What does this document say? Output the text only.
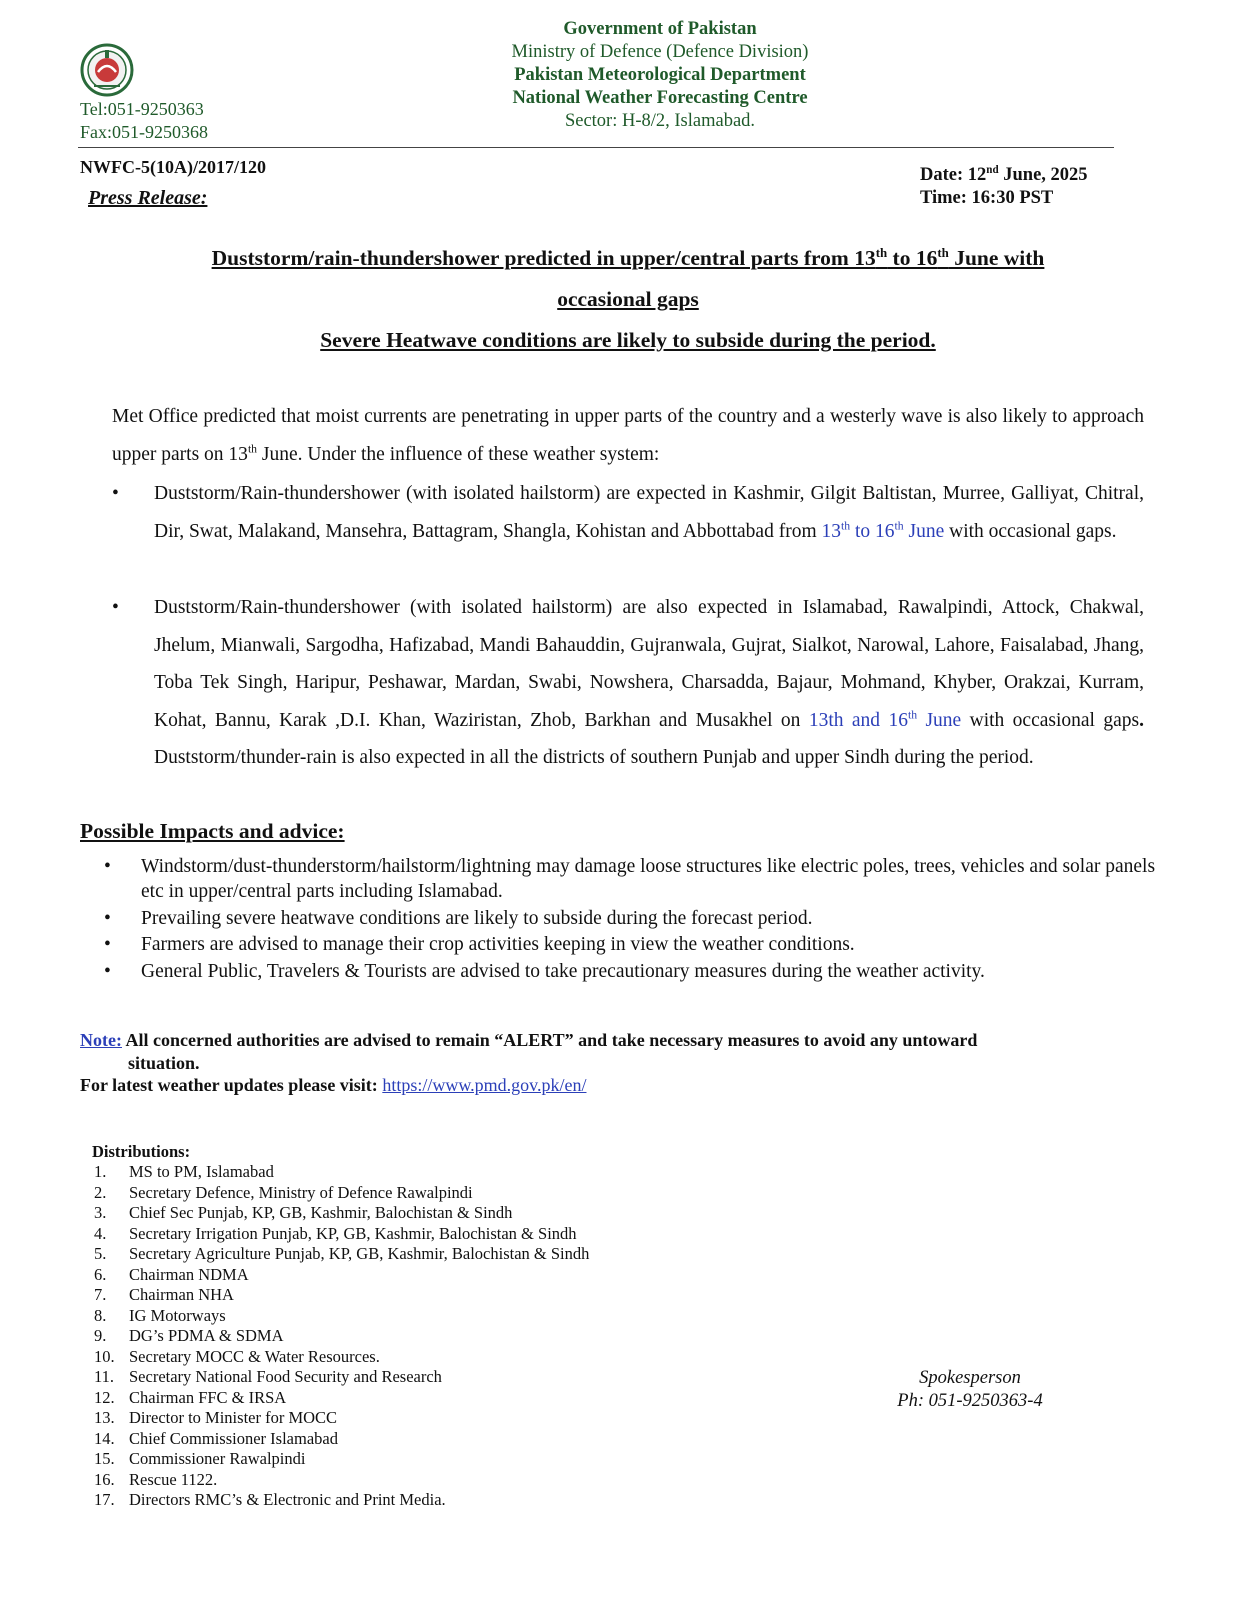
Tel:051-9250363
Fax:051-9250368
Government of Pakistan
Ministry of Defence (Defence Division)
Pakistan Meteorological Department
National Weather Forecasting Centre
Sector: H-8/2, Islamabad.
NWFC-5(10A)/2017/120
Press Release:
Date: 12nd June, 2025
Time: 16:30 PST
Duststorm/rain-thundershower predicted in upper/central parts from 13th to 16th June with
occasional gaps
Severe Heatwave conditions are likely to subside during the period.
Met Office predicted that moist currents are penetrating in upper parts of the country and a westerly wave is also likely to approach upper parts on 13th June. Under the influence of these weather system:
• Duststorm/Rain-thundershower (with isolated hailstorm) are expected in Kashmir, Gilgit Baltistan, Murree, Galliyat, Chitral, Dir, Swat, Malakand, Mansehra, Battagram, Shangla, Kohistan and Abbottabad from 13th to 16th June with occasional gaps.
• Duststorm/Rain-thundershower (with isolated hailstorm) are also expected in Islamabad, Rawalpindi, Attock, Chakwal, Jhelum, Mianwali, Sargodha, Hafizabad, Mandi Bahauddin, Gujranwala, Gujrat, Sialkot, Narowal, Lahore, Faisalabad, Jhang, Toba Tek Singh, Haripur, Peshawar, Mardan, Swabi, Nowshera, Charsadda, Bajaur, Mohmand, Khyber, Orakzai, Kurram, Kohat, Bannu, Karak ,D.I. Khan, Waziristan, Zhob, Barkhan and Musakhel on 13th and 16th June with occasional gaps. Duststorm/thunder-rain is also expected in all the districts of southern Punjab and upper Sindh during the period.
Possible Impacts and advice:
• Windstorm/dust-thunderstorm/hailstorm/lightning may damage loose structures like electric poles, trees, vehicles and solar panels etc in upper/central parts including Islamabad.
• Prevailing severe heatwave conditions are likely to subside during the forecast period.
• Farmers are advised to manage their crop activities keeping in view the weather conditions.
• General Public, Travelers & Tourists are advised to take precautionary measures during the weather activity.
Note: All concerned authorities are advised to remain “ALERT” and take necessary measures to avoid any untoward
situation.
For latest weather updates please visit: https://www.pmd.gov.pk/en/
Distributions:
1. MS to PM, Islamabad
2. Secretary Defence, Ministry of Defence Rawalpindi
3. Chief Sec Punjab, KP, GB, Kashmir, Balochistan & Sindh
4. Secretary Irrigation Punjab, KP, GB, Kashmir, Balochistan & Sindh
5. Secretary Agriculture Punjab, KP, GB, Kashmir, Balochistan & Sindh
6. Chairman NDMA
7. Chairman NHA
8. IG Motorways
9. DG’s PDMA & SDMA
10. Secretary MOCC & Water Resources.
11. Secretary National Food Security and Research
12. Chairman FFC & IRSA
13. Director to Minister for MOCC
14. Chief Commissioner Islamabad
15. Commissioner Rawalpindi
16. Rescue 1122.
17. Directors RMC’s & Electronic and Print Media.
Spokesperson
Ph: 051-9250363-4
